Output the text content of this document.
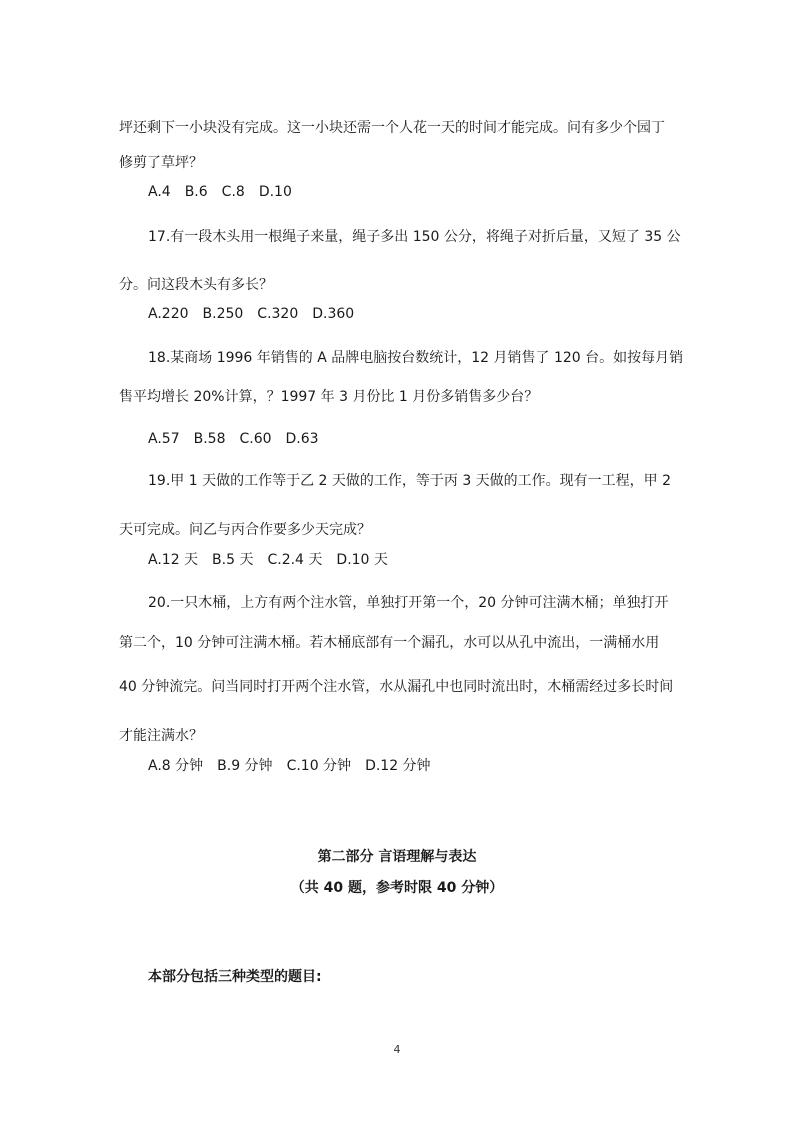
坪还剩下一小块没有完成。这一小块还需一个人花一天的时间才能完成。问有多少个园丁
修剪了草坪？
A.4 B.6 C.8 D.10
17.有一段木头用一根绳子来量，绳子多出 150 公分，将绳子对折后量，又短了 35 公
分。问这段木头有多长？
A.220 B.250 C.320 D.360
18.某商场 1996 年销售的 A 品牌电脑按台数统计，12 月销售了 120 台。如按每月销
售平均增长 20%计算，？1997 年 3 月份比 1 月份多销售多少台？
A.57 B.58 C.60 D.63
19.甲 1 天做的工作等于乙 2 天做的工作，等于丙 3 天做的工作。现有一工程，甲 2
天可完成。问乙与丙合作要多少天完成？
A.12 天 B.5 天 C.2.4 天 D.10 天
20.一只木桶，上方有两个注水管，单独打开第一个，20 分钟可注满木桶；单独打开
第二个，10 分钟可注满木桶。若木桶底部有一个漏孔，水可以从孔中流出，一满桶水用
40 分钟流完。问当同时打开两个注水管，水从漏孔中也同时流出时，木桶需经过多长时间
才能注满水？
A.8 分钟 B.9 分钟 C.10 分钟 D.12 分钟
第二部分 言语理解与表达
（共 40 题，参考时限 40 分钟）
本部分包括三种类型的题目:
4
